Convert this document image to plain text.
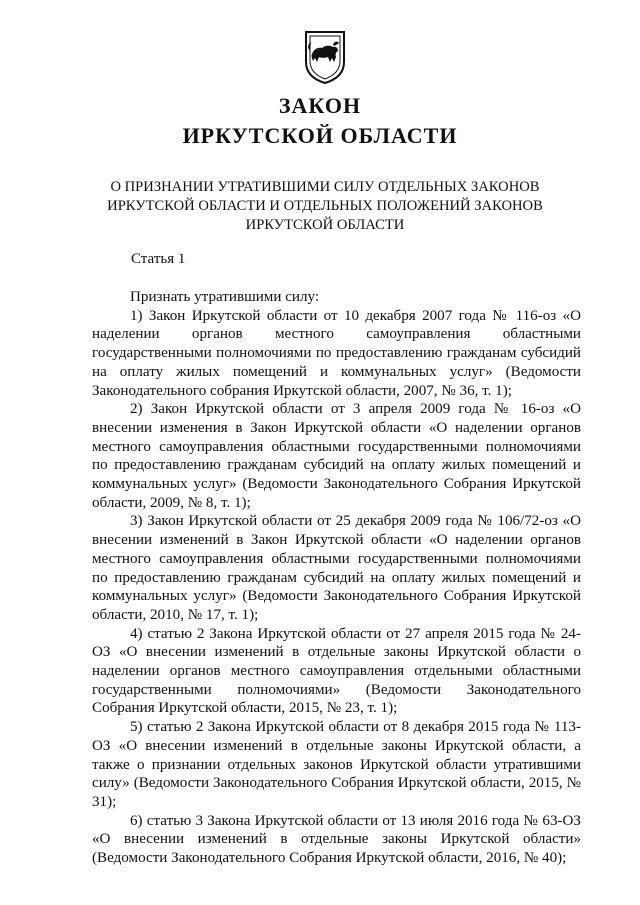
ЗАКОН
ИРКУТСКОЙ ОБЛАСТИ

О ПРИЗНАНИИ УТРАТИВШИМИ СИЛУ ОТДЕЛЬНЫХ ЗАКОНОВ ИРКУТСКОЙ ОБЛАСТИ И ОТДЕЛЬНЫХ ПОЛОЖЕНИЙ ЗАКОНОВ ИРКУТСКОЙ ОБЛАСТИ

Статья 1

Признать утратившими силу:

1) Закон Иркутской области от 10 декабря 2007 года № 116-оз «О наделении органов местного самоуправления областными государственными полномочиями по предоставлению гражданам субсидий на оплату жилых помещений и коммунальных услуг» (Ведомости Законодательного собрания Иркутской области, 2007, № 36, т. 1);

2) Закон Иркутской области от 3 апреля 2009 года № 16-оз «О внесении изменения в Закон Иркутской области «О наделении органов местного самоуправления областными государственными полномочиями по предоставлению гражданам субсидий на оплату жилых помещений и коммунальных услуг» (Ведомости Законодательного Собрания Иркутской области, 2009, № 8, т. 1);

3) Закон Иркутской области от 25 декабря 2009 года № 106/72-оз «О внесении изменений в Закон Иркутской области «О наделении органов местного самоуправления областными государственными полномочиями по предоставлению гражданам субсидий на оплату жилых помещений и коммунальных услуг» (Ведомости Законодательного Собрания Иркутской области, 2010, № 17, т. 1);

4) статью 2 Закона Иркутской области от 27 апреля 2015 года № 24-ОЗ «О внесении изменений в отдельные законы Иркутской области о наделении органов местного самоуправления отдельными областными государственными полномочиями» (Ведомости Законодательного Собрания Иркутской области, 2015, № 23, т. 1);

5) статью 2 Закона Иркутской области от 8 декабря 2015 года № 113-ОЗ «О внесении изменений в отдельные законы Иркутской области, а также о признании отдельных законов Иркутской области утратившими силу» (Ведомости Законодательного Собрания Иркутской области, 2015, № 31);

6) статью 3 Закона Иркутской области от 13 июля 2016 года № 63-ОЗ «О внесении изменений в отдельные законы Иркутской области» (Ведомости Законодательного Собрания Иркутской области, 2016, № 40);
